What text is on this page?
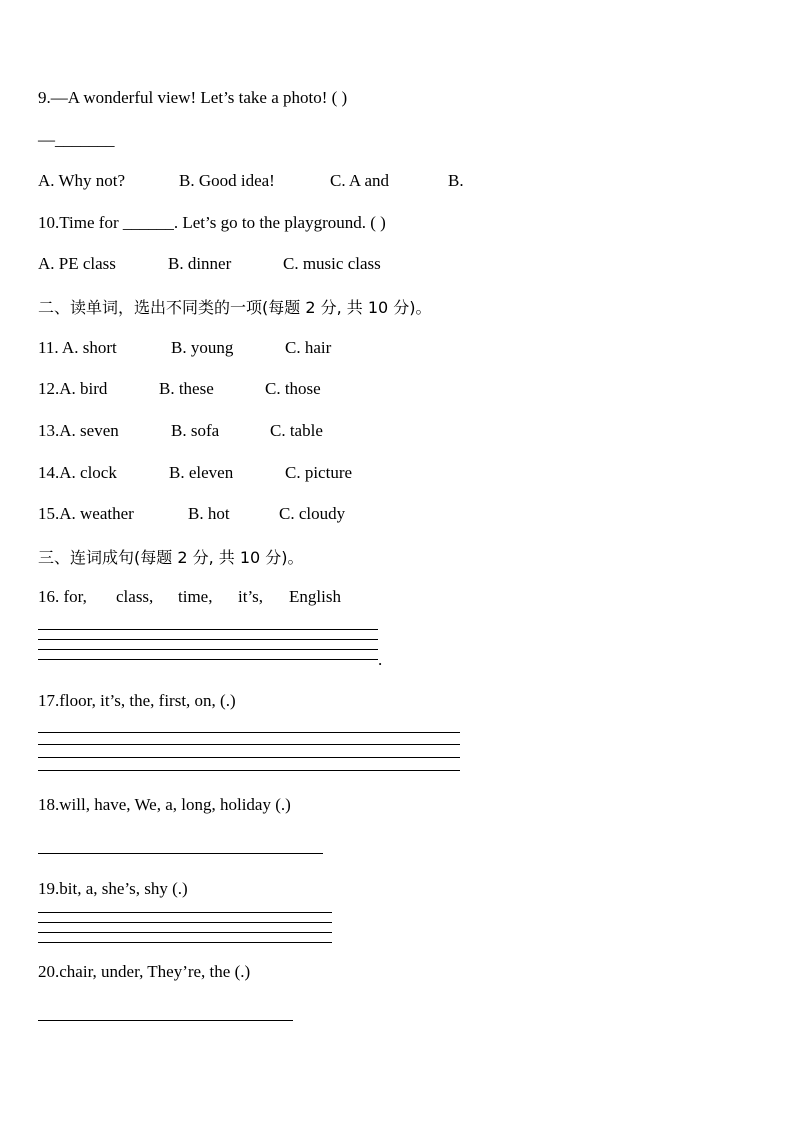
9.—A wonderful view! Let’s take a photo! ( )
—_______
A. Why not?	B. Good idea!	C. A and	B.
10.Time for ______. Let’s go to the playground. ( )
A. PE class	B. dinner	C. music class
二、读单词，选出不同类的一项(每题 2 分, 共 10 分)。
11. A. short	B. young	C. hair
12.A. bird	B. these	C. those
13.A. seven	B. sofa	C. table
14.A. clock	B. eleven	C. picture
15.A. weather	B. hot	C. cloudy
三、连词成句(每题 2 分, 共 10 分)。
16. for, class, time, it’s, English
.
17.floor, it’s, the, first, on, (.)
18.will, have, We, a, long, holiday (.)
19.bit, a, she’s, shy (.)
20.chair, under, They’re, the (.)
